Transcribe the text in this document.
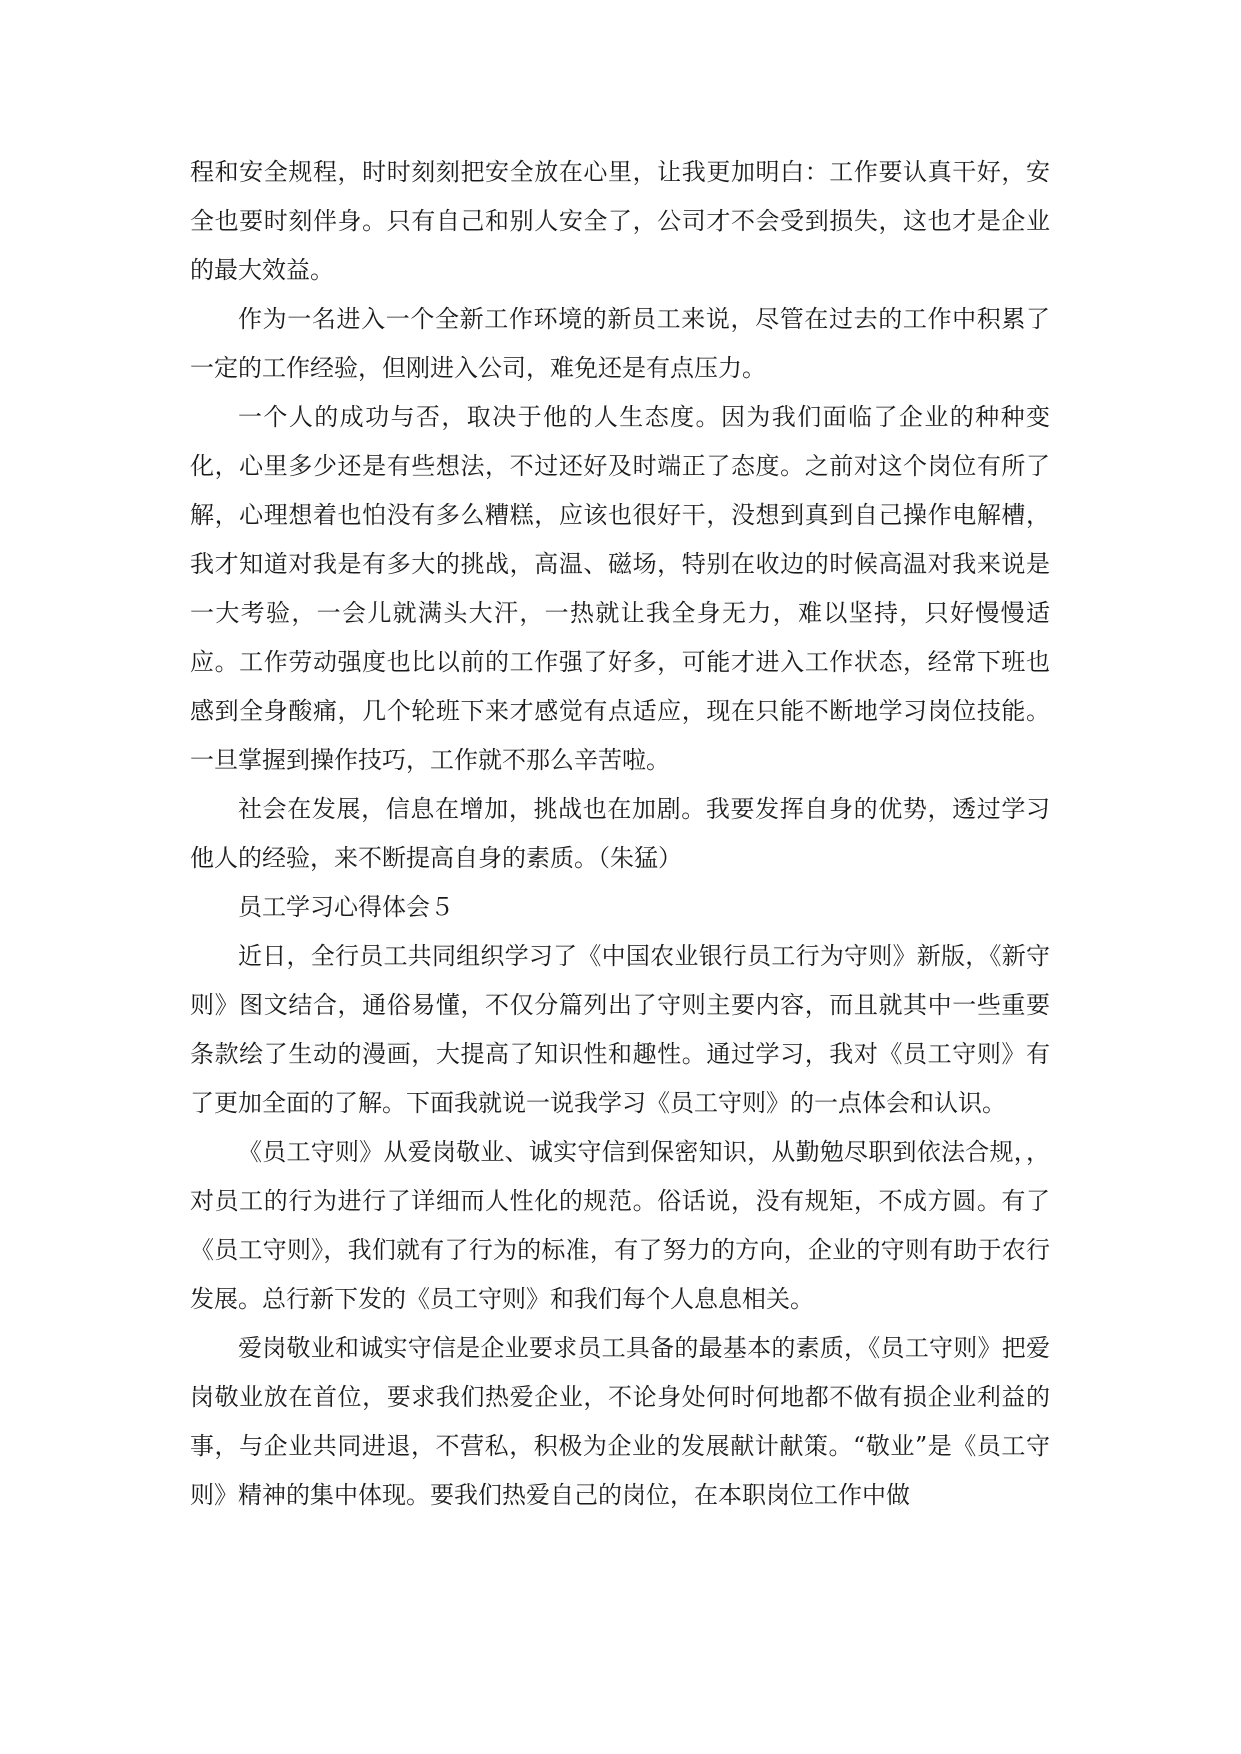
程和安全规程，时时刻刻把安全放在心里，让我更加明白：工作要认真干好，安全也要时刻伴身。只有自己和别人安全了，公司才不会受到损失，这也才是企业的最大效益。

作为一名进入一个全新工作环境的新员工来说，尽管在过去的工作中积累了一定的工作经验，但刚进入公司，难免还是有点压力。

一个人的成功与否，取决于他的人生态度。因为我们面临了企业的种种变化，心里多少还是有些想法，不过还好及时端正了态度。之前对这个岗位有所了解，心理想着也怕没有多么糟糕，应该也很好干，没想到真到自己操作电解槽，我才知道对我是有多大的挑战，高温、磁场，特别在收边的时候高温对我来说是一大考验，一会儿就满头大汗，一热就让我全身无力，难以坚持，只好慢慢适应。工作劳动强度也比以前的工作强了好多，可能才进入工作状态，经常下班也感到全身酸痛，几个轮班下来才感觉有点适应，现在只能不断地学习岗位技能。一旦掌握到操作技巧，工作就不那么辛苦啦。

社会在发展，信息在增加，挑战也在加剧。我要发挥自身的优势，透过学习他人的经验，来不断提高自身的素质。（朱猛）

员工学习心得体会５

近日，全行员工共同组织学习了《中国农业银行员工行为守则》新版，《新守则》图文结合，通俗易懂，不仅分篇列出了守则主要内容，而且就其中一些重要条款绘了生动的漫画，大提高了知识性和趣性。通过学习，我对《员工守则》有了更加全面的了解。下面我就说一说我学习《员工守则》的一点体会和认识。

《员工守则》从爱岗敬业、诚实守信到保密知识，从勤勉尽职到依法合规，，对员工的行为进行了详细而人性化的规范。俗话说，没有规矩，不成方圆。有了《员工守则》，我们就有了行为的标准，有了努力的方向，企业的守则有助于农行发展。总行新下发的《员工守则》和我们每个人息息相关。

爱岗敬业和诚实守信是企业要求员工具备的最基本的素质，《员工守则》把爱岗敬业放在首位，要求我们热爱企业，不论身处何时何地都不做有损企业利益的事，与企业共同进退，不营私，积极为企业的发展献计献策。“敬业”是《员工守则》精神的集中体现。要我们热爱自己的岗位，在本职岗位工作中做
